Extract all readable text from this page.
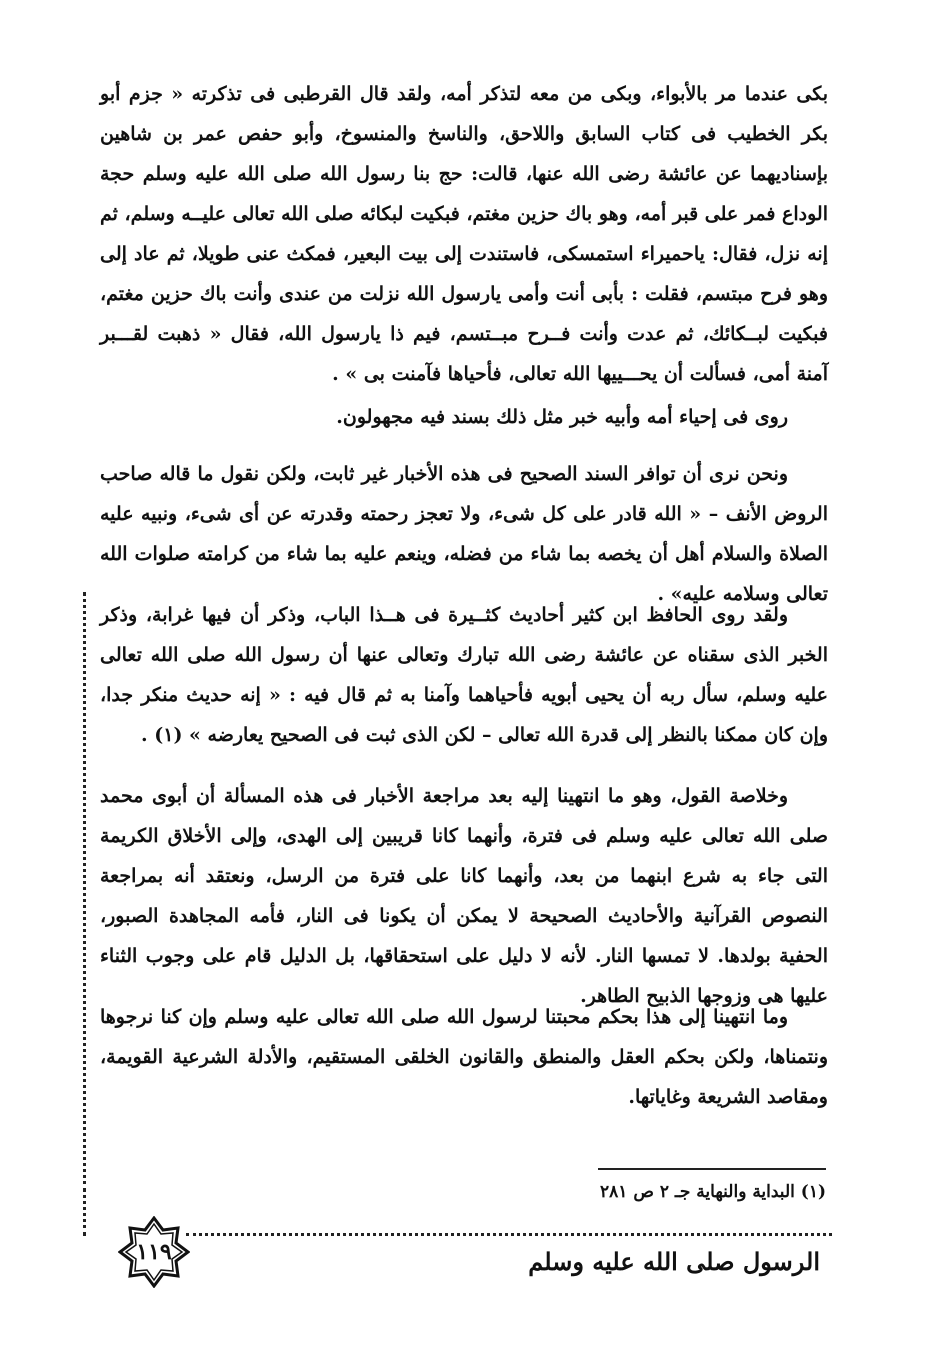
بكى عندما مر بالأبواء، وبكى من معه لتذكر أمه، ولقد قال القرطبى فى تذكرته « جزم أبو بكر الخطيب فى كتاب السابق واللاحق، والناسخ والمنسوخ، وأبو حفص عمر بن شاهين بإسناديهما عن عائشة رضى الله عنها، قالت: حج بنا رسول الله صلى الله عليه وسلم حجة الوداع فمر على قبر أمه، وهو باك حزين مغتم، فبكيت لبكائه صلى الله تعالى عليــه وسلم، ثم إنه نزل، فقال: ياحميراء استمسكى، فاستندت إلى بيت البعير، فمكث عنى طويلا، ثم عاد إلى وهو فرح مبتسم، فقلت : بأبى أنت وأمى يارسول الله نزلت من عندى وأنت باك حزين مغتم، فبكيت لبــكائك، ثم عدت وأنت فــرح مبــتسم، فيم ذا يارسول الله، فقال « ذهبت لقـــبر آمنة أمى، فسألت أن يحـــييها الله تعالى، فأحياها فآمنت بى » .

روى فى إحياء أمه وأبيه خبر مثل ذلك بسند فيه مجهولون.

ونحن نرى أن توافر السند الصحيح فى هذه الأخبار غير ثابت، ولكن نقول ما قاله صاحب الروض الأنف – « الله قادر على كل شىء، ولا تعجز رحمته وقدرته عن أى شىء، ونبيه عليه الصلاة والسلام أهل أن يخصه بما شاء من فضله، وينعم عليه بما شاء من كرامته صلوات الله تعالى وسلامه عليه» .

ولقد روى الحافظ ابن كثير أحاديث كثــيرة فى هــذا الباب، وذكر أن فيها غرابة، وذكر الخبر الذى سقناه عن عائشة رضى الله تبارك وتعالى عنها أن رسول الله صلى الله تعالى عليه وسلم، سأل ربه أن يحيى أبويه فأحياهما وآمنا به ثم قال فيه : « إنه حديث منكر جدا، وإن كان ممكنا بالنظر إلى قدرة الله تعالى – لكن الذى ثبت فى الصحيح يعارضه » (١) .

وخلاصة القول، وهو ما انتهينا إليه بعد مراجعة الأخبار فى هذه المسألة أن أبوى محمد صلى الله تعالى عليه وسلم فى فترة، وأنهما كانا قريبين إلى الهدى، وإلى الأخلاق الكريمة التى جاء به شرع ابنهما من بعد، وأنهما كانا على فترة من الرسل، ونعتقد أنه بمراجعة النصوص القرآنية والأحاديث الصحيحة لا يمكن أن يكونا فى النار، فأمه المجاهدة الصبور، الحفية بولدها. لا تمسها النار. لأنه لا دليل على استحقاقها، بل الدليل قام على وجوب الثناء عليها هى وزوجها الذبيح الطاهر.

وما انتهينا إلى هذا بحكم محبتنا لرسول الله صلى الله تعالى عليه وسلم وإن كنا نرجوها ونتمناها، ولكن بحكم العقل والمنطق والقانون الخلقى المستقيم، والأدلة الشرعية القويمة، ومقاصد الشريعة وغاياتها.

(١) البداية والنهاية جـ ٢ ص ٢٨١
الرسول صلى الله عليه وسلم
١١٩
